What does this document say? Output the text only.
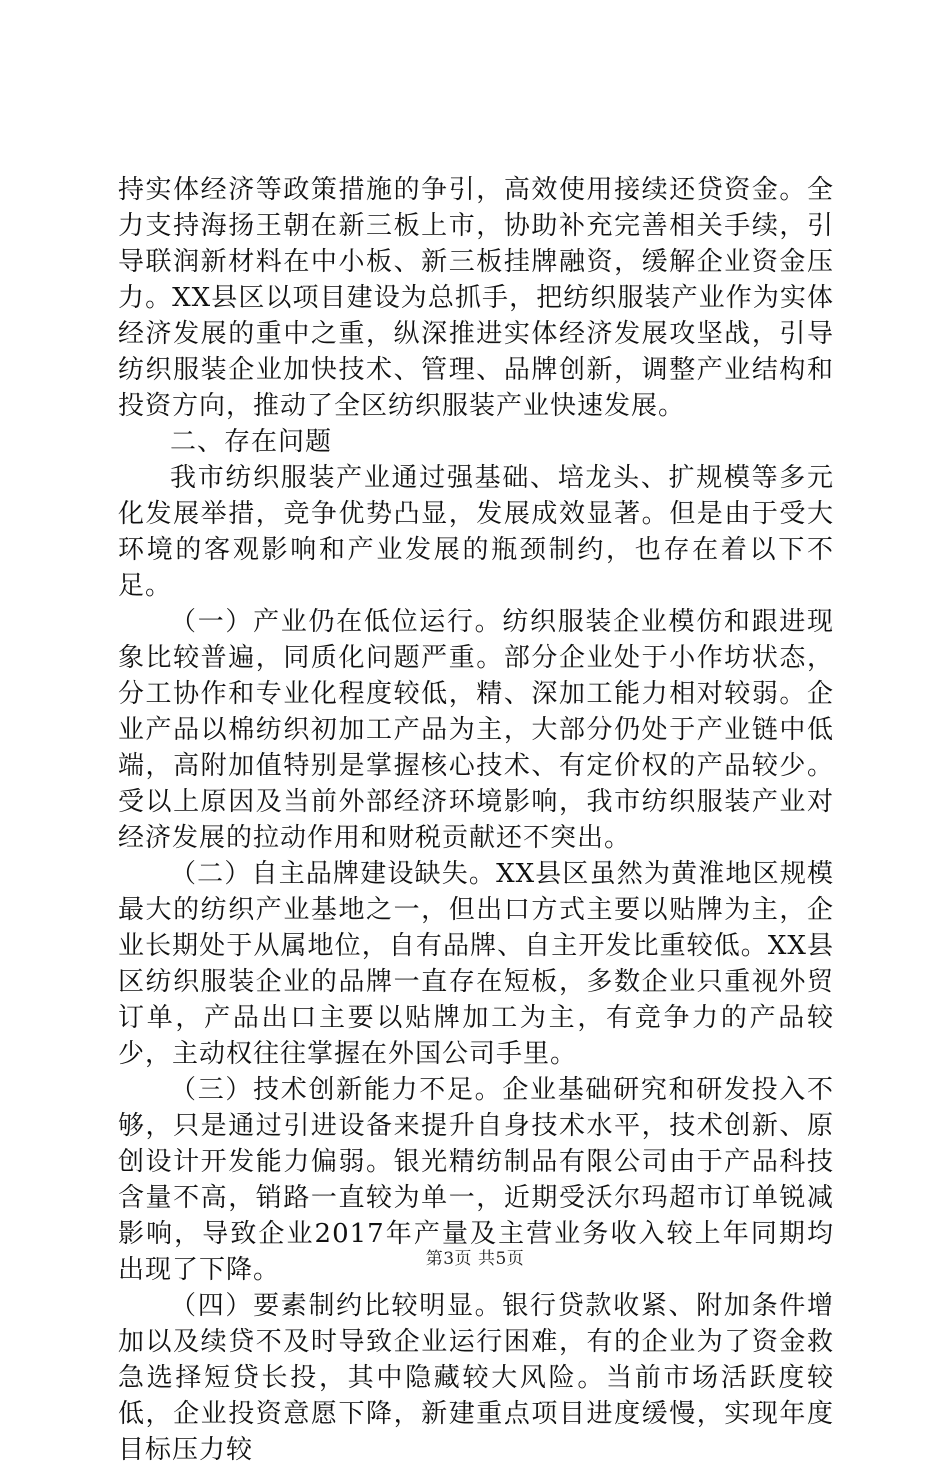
持实体经济等政策措施的争引，高效使用接续还贷资金。全力支持海扬王朝在新三板上市，协助补充完善相关手续，引导联润新材料在中小板、新三板挂牌融资，缓解企业资金压力。XX县区以项目建设为总抓手，把纺织服装产业作为实体经济发展的重中之重，纵深推进实体经济发展攻坚战，引导纺织服装企业加快技术、管理、品牌创新，调整产业结构和投资方向，推动了全区纺织服装产业快速发展。

二、存在问题

我市纺织服装产业通过强基础、培龙头、扩规模等多元化发展举措，竞争优势凸显，发展成效显著。但是由于受大环境的客观影响和产业发展的瓶颈制约，也存在着以下不足。

（一）产业仍在低位运行。纺织服装企业模仿和跟进现象比较普遍，同质化问题严重。部分企业处于小作坊状态，分工协作和专业化程度较低，精、深加工能力相对较弱。企业产品以棉纺织初加工产品为主，大部分仍处于产业链中低端，高附加值特别是掌握核心技术、有定价权的产品较少。受以上原因及当前外部经济环境影响，我市纺织服装产业对经济发展的拉动作用和财税贡献还不突出。

（二）自主品牌建设缺失。XX县区虽然为黄淮地区规模最大的纺织产业基地之一，但出口方式主要以贴牌为主，企业长期处于从属地位，自有品牌、自主开发比重较低。XX县区纺织服装企业的品牌一直存在短板，多数企业只重视外贸订单，产品出口主要以贴牌加工为主，有竞争力的产品较少，主动权往往掌握在外国公司手里。

（三）技术创新能力不足。企业基础研究和研发投入不够，只是通过引进设备来提升自身技术水平，技术创新、原创设计开发能力偏弱。银光精纺制品有限公司由于产品科技含量不高，销路一直较为单一，近期受沃尔玛超市订单锐减影响，导致企业2017年产量及主营业务收入较上年同期均出现了下降。

（四）要素制约比较明显。银行贷款收紧、附加条件增加以及续贷不及时导致企业运行困难，有的企业为了资金救急选择短贷长投，其中隐藏较大风险。当前市场活跃度较低，企业投资意愿下降，新建重点项目进度缓慢，实现年度目标压力较

第3页 共5页
